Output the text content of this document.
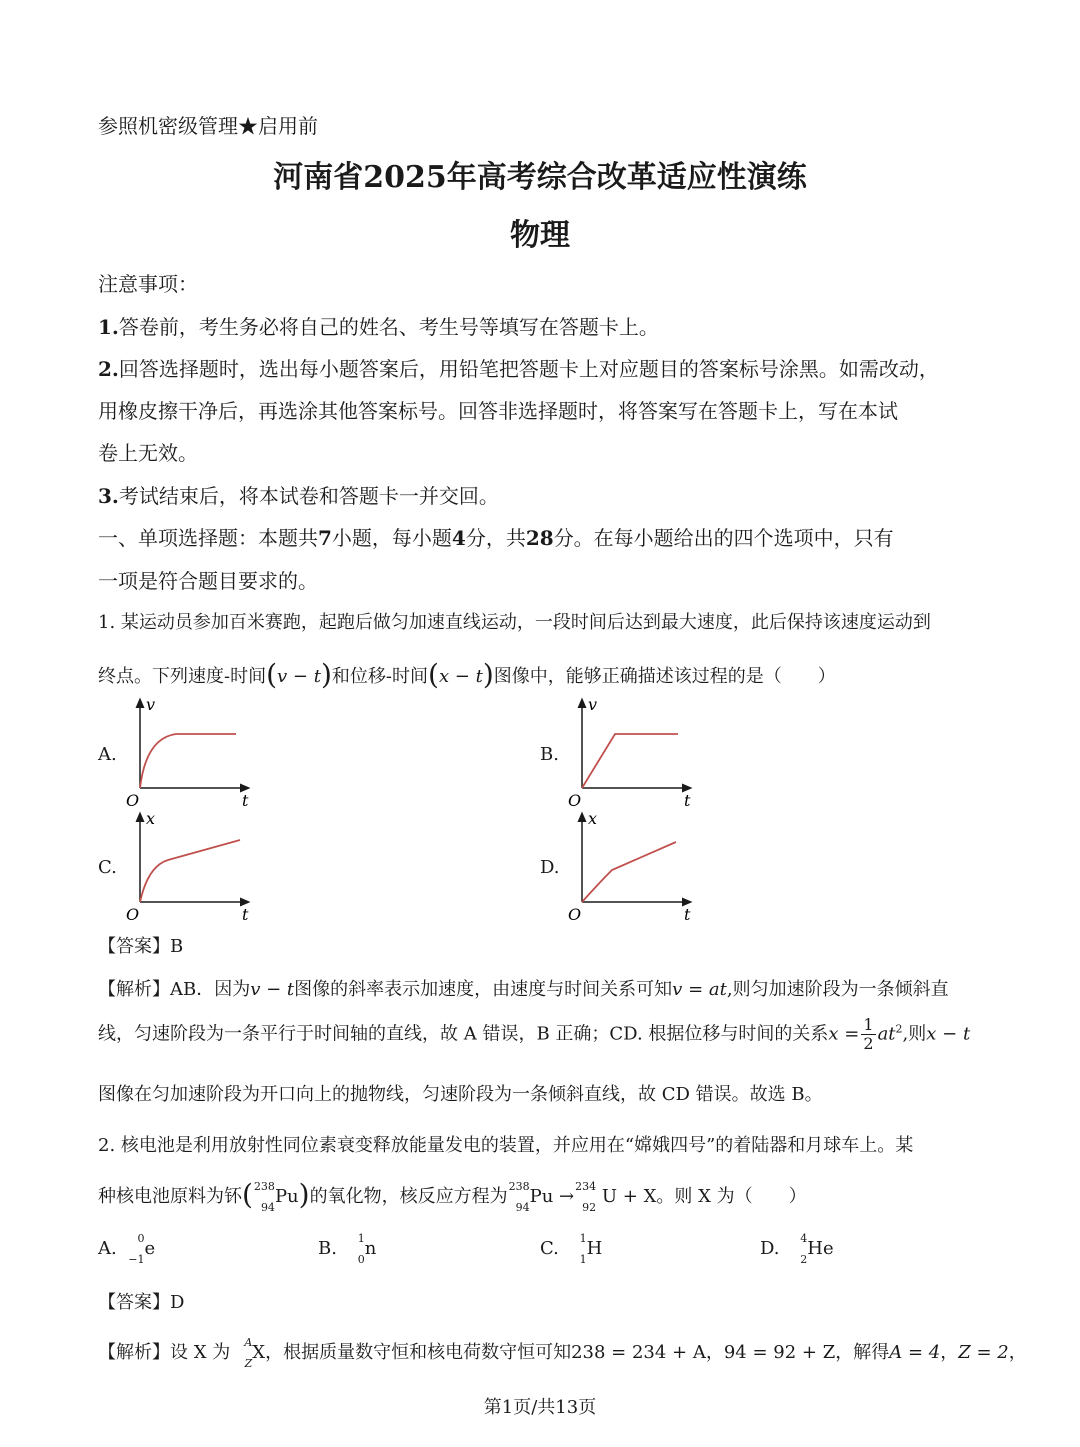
参照机密级管理★启用前
河南省2025年高考综合改革适应性演练
物理
注意事项：
1.答卷前，考生务必将自己的姓名、考生号等填写在答题卡上。
2.回答选择题时，选出每小题答案后，用铅笔把答题卡上对应题目的答案标号涂黑。如需改动，
用橡皮擦干净后，再选涂其他答案标号。回答非选择题时，将答案写在答题卡上，写在本试
卷上无效。
3.考试结束后，将本试卷和答题卡一并交回。
一、单项选择题：本题共7小题，每小题4分，共28分。在每小题给出的四个选项中，只有
一项是符合题目要求的。
1. 某运动员参加百米赛跑，起跑后做匀加速直线运动，一段时间后达到最大速度，此后保持该速度运动到
终点。下列速度-时间(v − t)和位移-时间(x − t)图像中，能够正确描述该过程的是（　　）
A.
v
t
O
B.
v
t
O
C.
x
t
O
D.
x
t
O
【答案】B
【解析】AB．因为v − t图像的斜率表示加速度，由速度与时间关系可知v = at,则匀加速阶段为一条倾斜直
线，匀速阶段为一条平行于时间轴的直线，故 A 错误，B 正确；CD. 根据位移与时间的关系$x = \frac{1}{2} at^2$,则x − t
图像在匀加速阶段为开口向上的抛物线，匀速阶段为一条倾斜直线，故 CD 错误。故选 B。
2. 核电池是利用放射性同位素衰变释放能量发电的装置，并应用在“嫦娥四号”的着陆器和月球车上。某
种核电池原料为钚( 238
94
Pu)的氧化物，核反应方程为 238
94
Pu → 234
92
U + X。则 X 为（　　）
A. 0
−1
e	B. 1
0
n	C. 1
1
H	D. 4
2
He
【答案】D
【解析】设 X 为 A
Z
X，根据质量数守恒和核电荷数守恒可知238 = 234 + A，94 = 92 + Z，解得A = 4，Z = 2，
第1页/共13页
